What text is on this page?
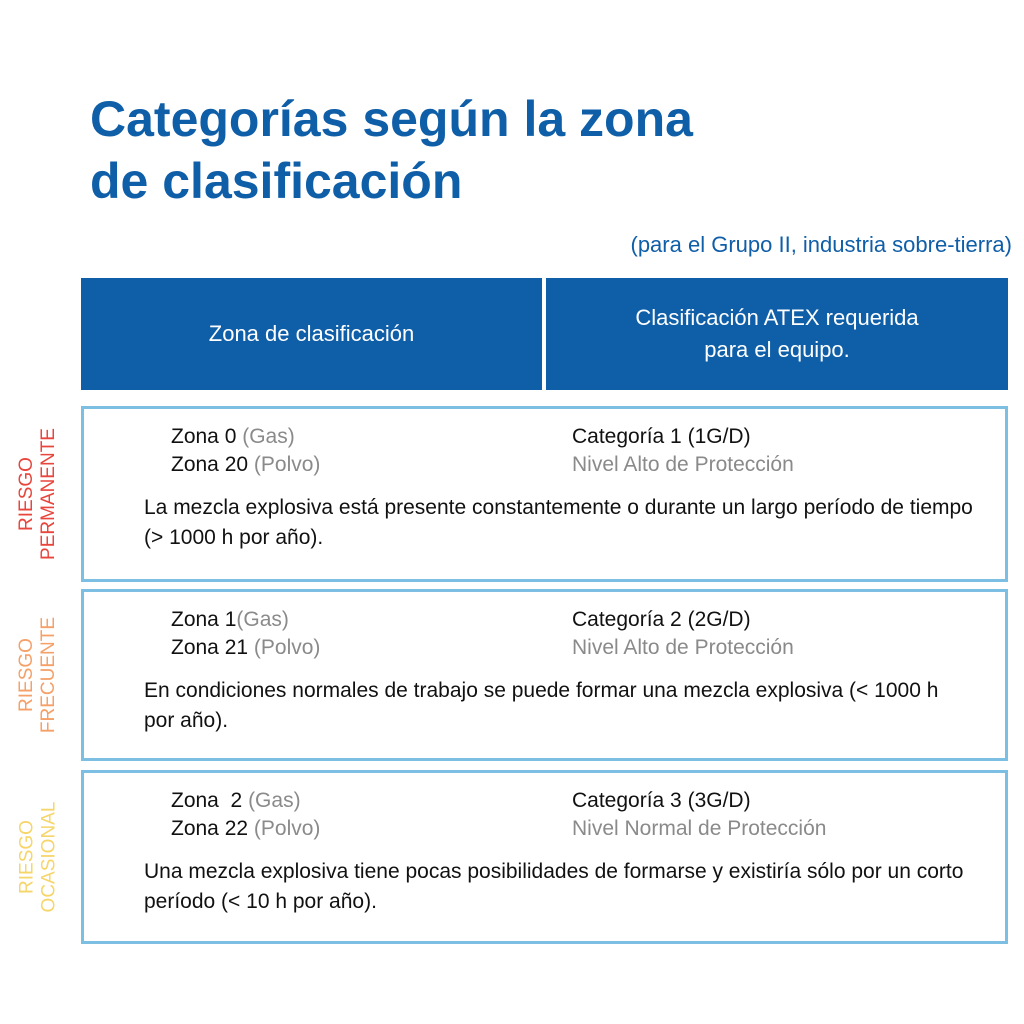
Categorías según la zona
de clasificación
(para el Grupo II, industria sobre-tierra)
Zona de clasificación
Clasificación ATEX requerida
para el equipo.
RIESGO PERMANENTE	Zona 0 (Gas)
Zona 20 (Polvo)
Categoría 1 (1G/D)
Nivel Alto de Protección

La mezcla explosiva está presente constantemente o durante un largo período de tiempo (> 1000 h por año).

RIESGO FRECUENTE	Zona 1(Gas)
Zona 21 (Polvo)
Categoría 2 (2G/D)
Nivel Alto de Protección

En condiciones normales de trabajo se puede formar una mezcla explosiva (< 1000 h por año).

RIESGO OCASIONAL
Zona  2 (Gas)
Zona 22 (Polvo)
Categoría 3 (3G/D)
Nivel Normal de Protección

Una mezcla explosiva tiene pocas posibilidades de formarse y existiría sólo por un corto período (< 10 h por año).
